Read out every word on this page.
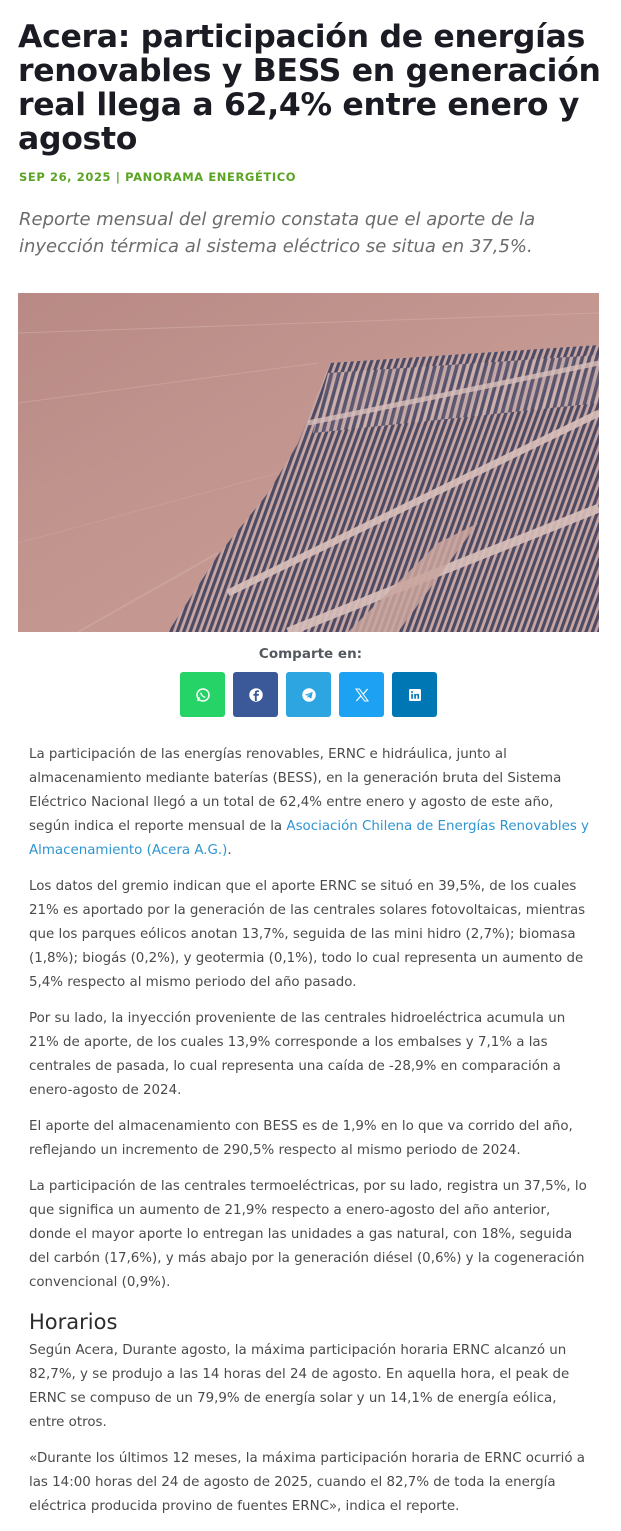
Acera: participación de energías renovables y BESS en generación real llega a 62,4% entre enero y agosto
SEP 26, 2025 | PANORAMA ENERGÉTICO

Reporte mensual del gremio constata que el aporte de la inyección térmica al sistema eléctrico se situa en 37,5%.

Comparte en:

La participación de las energías renovables, ERNC e hidráulica, junto al almacenamiento mediante baterías (BESS), en la generación bruta del Sistema Eléctrico Nacional llegó a un total de 62,4% entre enero y agosto de este año, según indica el reporte mensual de la Asociación Chilena de Energías Renovables y Almacenamiento (Acera A.G.).

Los datos del gremio indican que el aporte ERNC se situó en 39,5%, de los cuales 21% es aportado por la generación de las centrales solares fotovoltaicas, mientras que los parques eólicos anotan 13,7%, seguida de las mini hidro (2,7%); biomasa (1,8%); biogás (0,2%), y geotermia (0,1%), todo lo cual representa un aumento de 5,4% respecto al mismo periodo del año pasado.

Por su lado, la inyección proveniente de las centrales hidroeléctrica acumula un 21% de aporte, de los cuales 13,9% corresponde a los embalses y 7,1% a las centrales de pasada, lo cual representa una caída de -28,9% en comparación a enero-agosto de 2024.

El aporte del almacenamiento con BESS es de 1,9% en lo que va corrido del año, reflejando un incremento de 290,5% respecto al mismo periodo de 2024.

La participación de las centrales termoeléctricas, por su lado, registra un 37,5%, lo que significa un aumento de 21,9% respecto a enero-agosto del año anterior, donde el mayor aporte lo entregan las unidades a gas natural, con 18%, seguida del carbón (17,6%), y más abajo por la generación diésel (0,6%) y la cogeneración convencional (0,9%).

Horarios

Según Acera, Durante agosto, la máxima participación horaria ERNC alcanzó un 82,7%, y se produjo a las 14 horas del 24 de agosto. En aquella hora, el peak de ERNC se compuso de un 79,9% de energía solar y un 14,1% de energía eólica, entre otros.

«Durante los últimos 12 meses, la máxima participación horaria de ERNC ocurrió a las 14:00 horas del 24 de agosto de 2025, cuando el 82,7% de toda la energía eléctrica producida provino de fuentes ERNC», indica el reporte.
